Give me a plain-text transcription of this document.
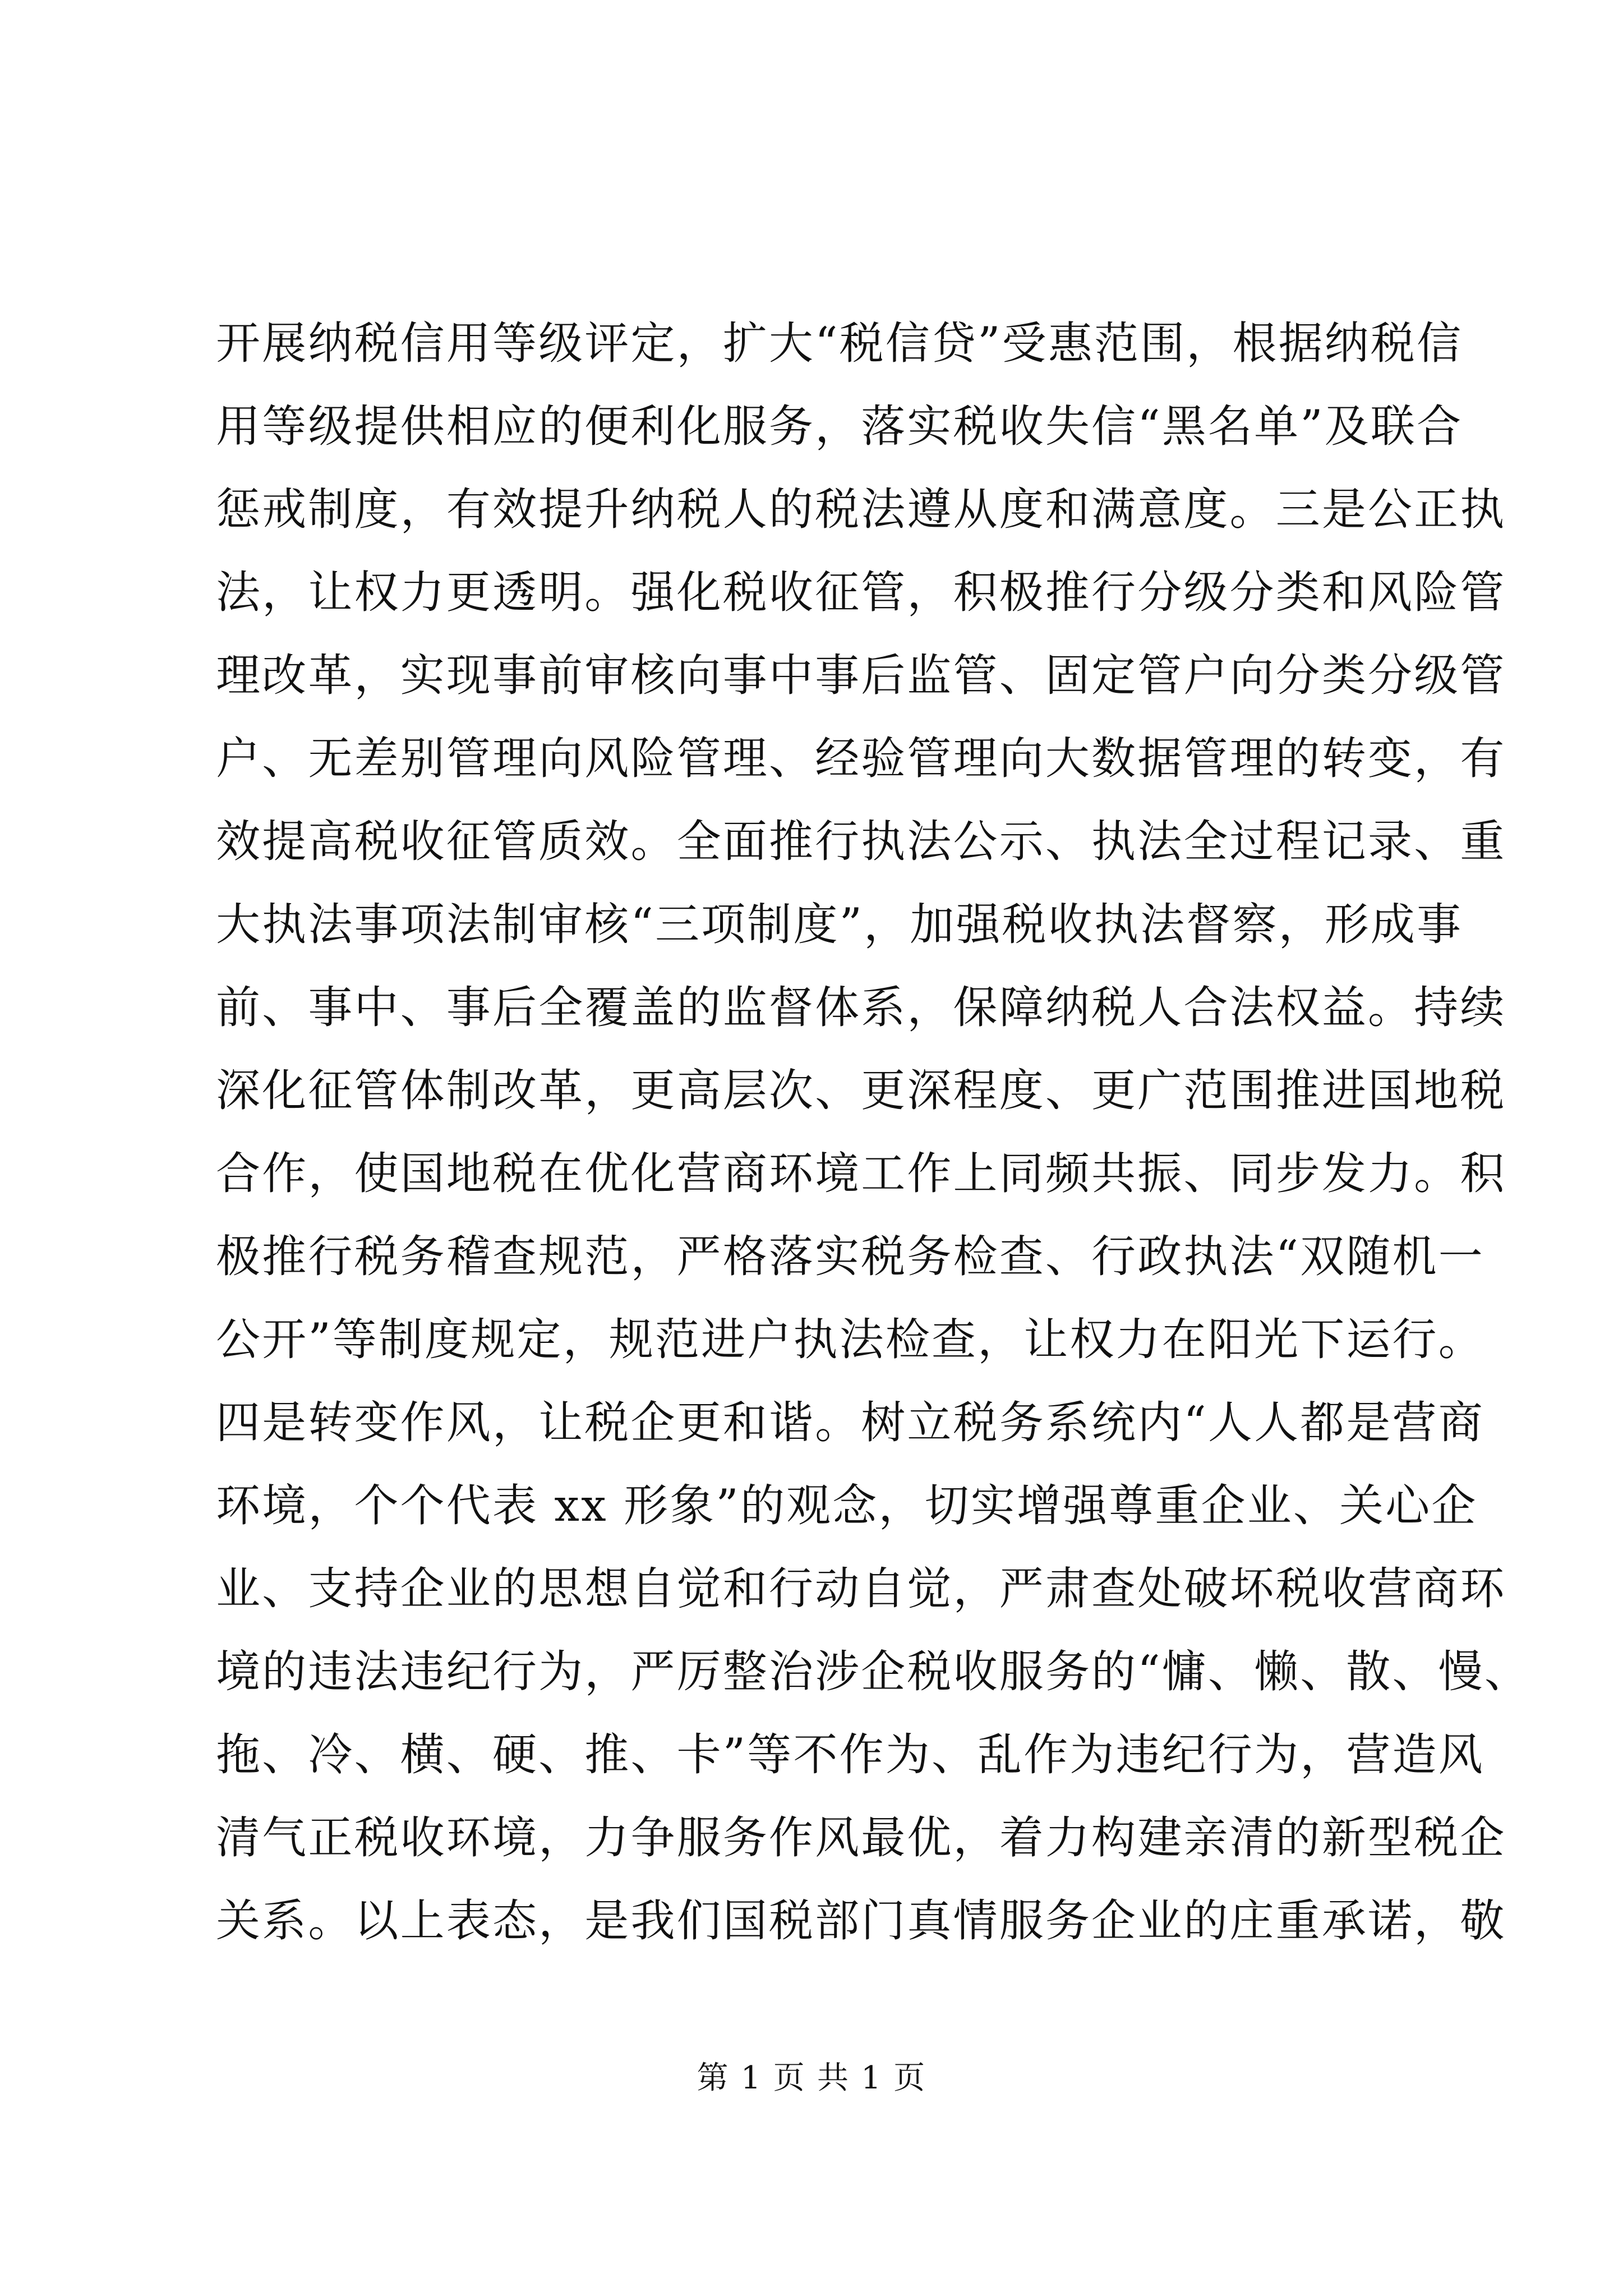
开展纳税信用等级评定，扩大“税信贷”受惠范围，根据纳税信
用等级提供相应的便利化服务，落实税收失信“黑名单”及联合
惩戒制度，有效提升纳税人的税法遵从度和满意度。三是公正执
法，让权力更透明。强化税收征管，积极推行分级分类和风险管
理改革，实现事前审核向事中事后监管、固定管户向分类分级管
户、无差别管理向风险管理、经验管理向大数据管理的转变，有
效提高税收征管质效。全面推行执法公示、执法全过程记录、重
大执法事项法制审核“三项制度”，加强税收执法督察，形成事
前、事中、事后全覆盖的监督体系，保障纳税人合法权益。持续
深化征管体制改革，更高层次、更深程度、更广范围推进国地税
合作，使国地税在优化营商环境工作上同频共振、同步发力。积
极推行税务稽查规范，严格落实税务检查、行政执法“双随机一
公开”等制度规定，规范进户执法检查，让权力在阳光下运行。
四是转变作风，让税企更和谐。树立税务系统内“人人都是营商
环境，个个代表 xx 形象”的观念，切实增强尊重企业、关心企
业、支持企业的思想自觉和行动自觉，严肃查处破坏税收营商环
境的违法违纪行为，严厉整治涉企税收服务的“慵、懒、散、慢、
拖、冷、横、硬、推、卡”等不作为、乱作为违纪行为，营造风
清气正税收环境，力争服务作风最优，着力构建亲清的新型税企
关系。以上表态，是我们国税部门真情服务企业的庄重承诺，敬
第 1 页 共 1 页
